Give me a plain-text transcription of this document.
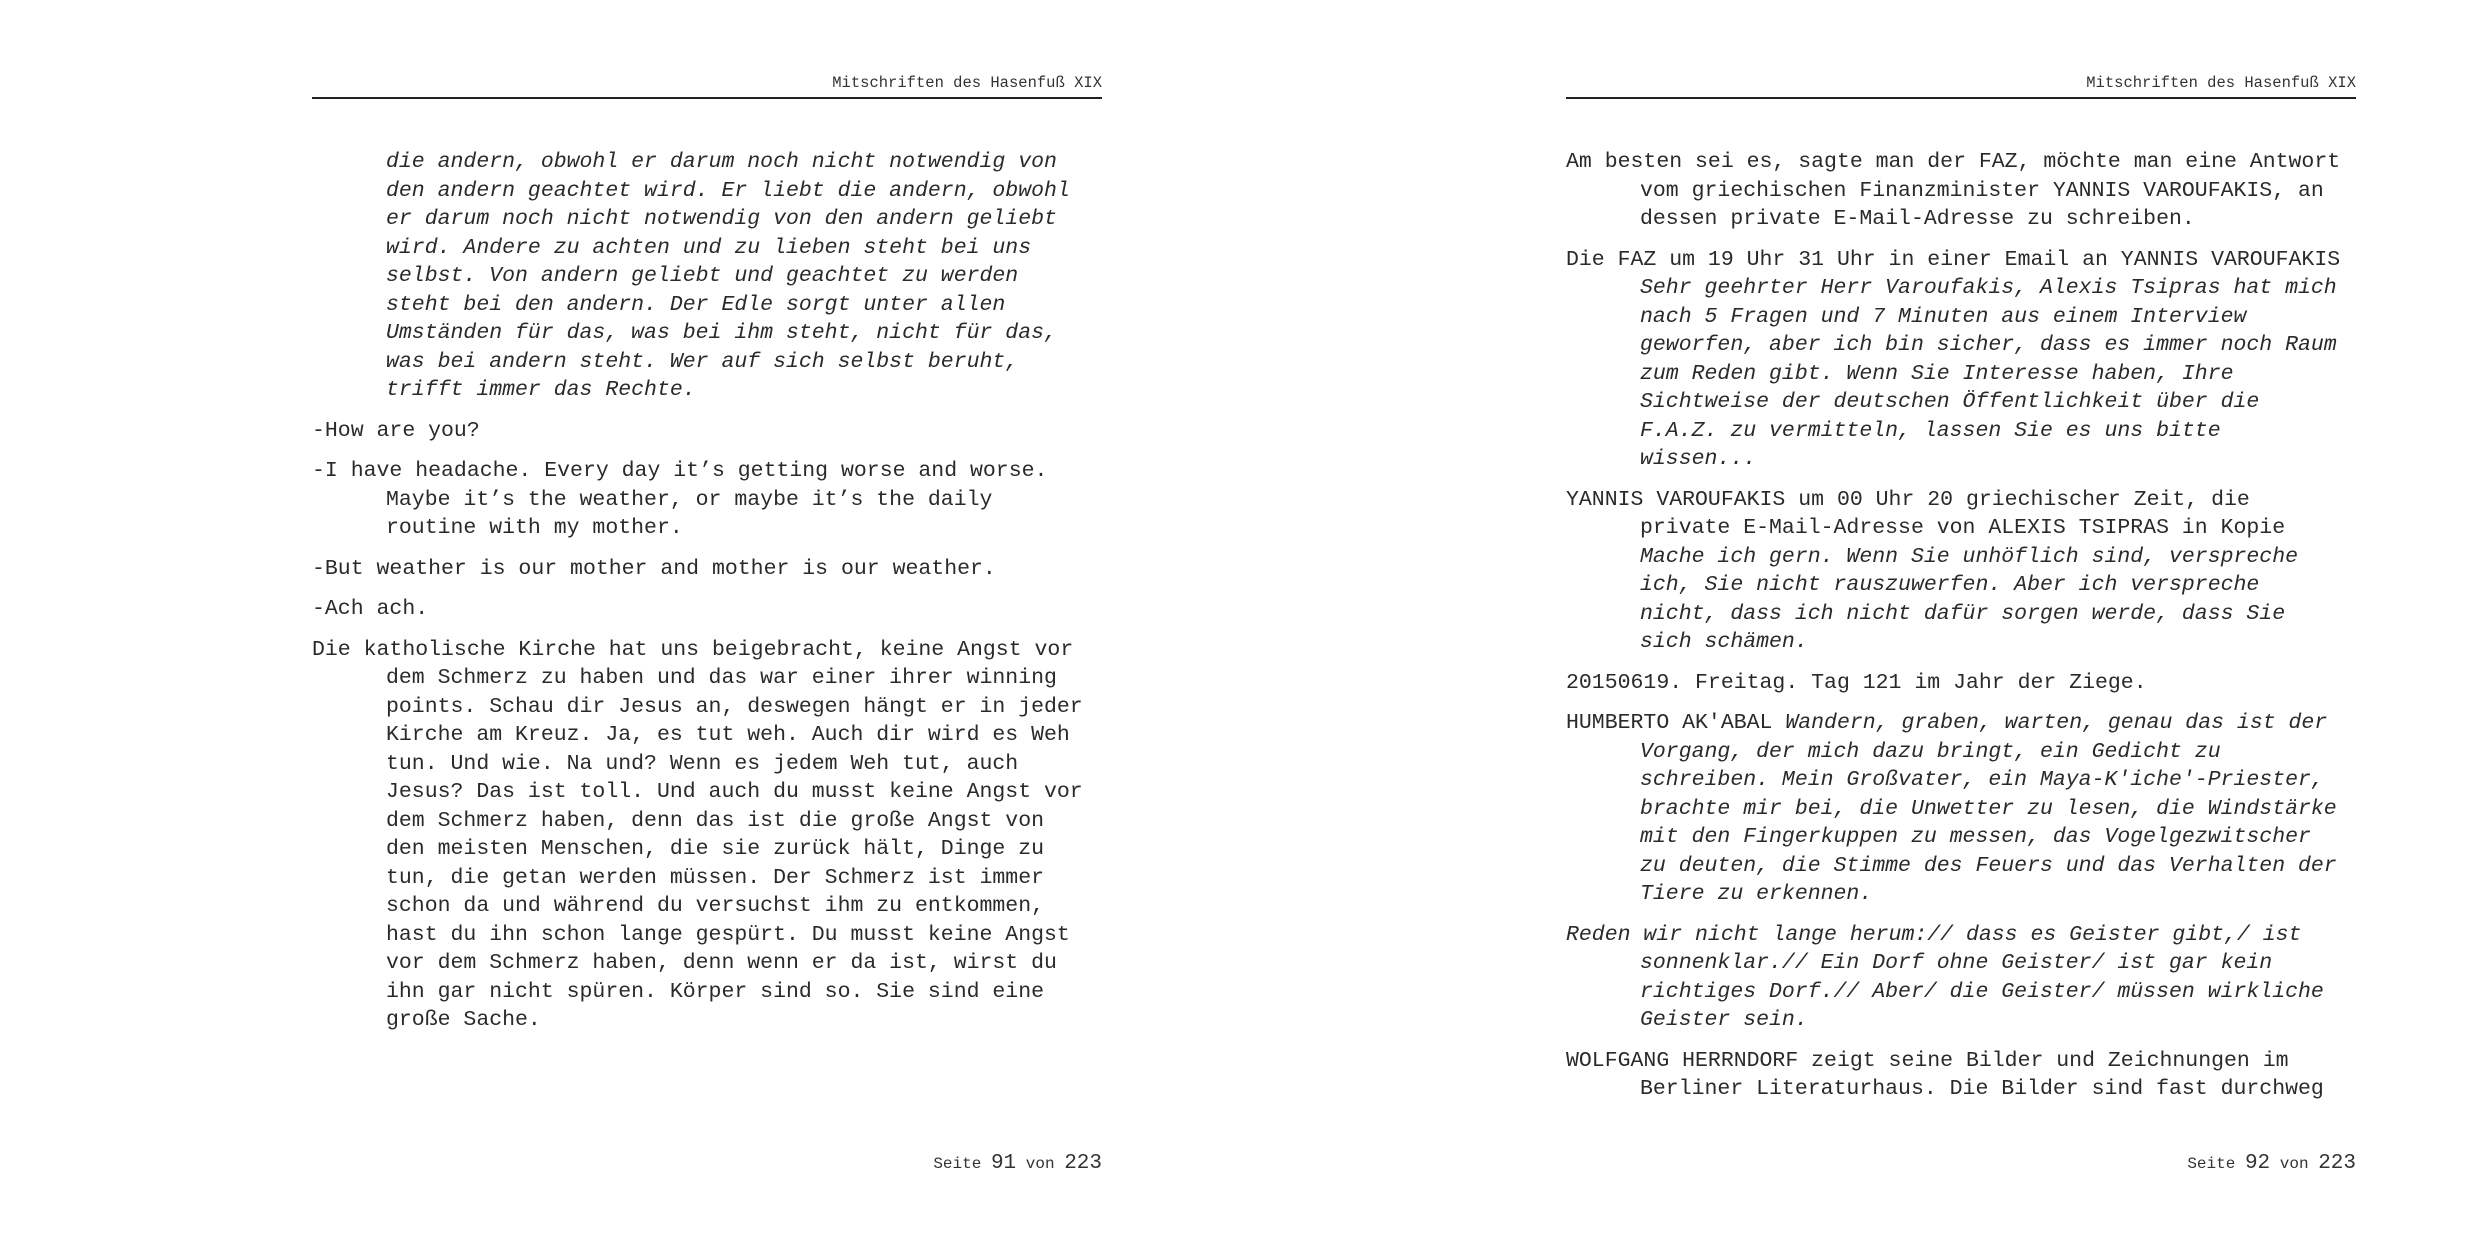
Mitschriften des Hasenfuß XIX
die andern, obwohl er darum noch nicht notwendig von
den andern geachtet wird. Er liebt die andern, obwohl
er darum noch nicht notwendig von den andern geliebt
wird. Andere zu achten und zu lieben steht bei uns
selbst. Von andern geliebt und geachtet zu werden
steht bei den andern. Der Edle sorgt unter allen
Umständen für das, was bei ihm steht, nicht für das,
was bei andern steht. Wer auf sich selbst beruht,
trifft immer das Rechte.
-How are you?
-I have headache. Every day it’s getting worse and worse.
Maybe it’s the weather, or maybe it’s the daily
routine with my mother.
-But weather is our mother and mother is our weather.
-Ach ach.
Die katholische Kirche hat uns beigebracht, keine Angst vor
dem Schmerz zu haben und das war einer ihrer winning
points. Schau dir Jesus an, deswegen hängt er in jeder
Kirche am Kreuz. Ja, es tut weh. Auch dir wird es Weh
tun. Und wie. Na und? Wenn es jedem Weh tut, auch
Jesus? Das ist toll. Und auch du musst keine Angst vor
dem Schmerz haben, denn das ist die große Angst von
den meisten Menschen, die sie zurück hält, Dinge zu
tun, die getan werden müssen. Der Schmerz ist immer
schon da und während du versuchst ihm zu entkommen,
hast du ihn schon lange gespürt. Du musst keine Angst
vor dem Schmerz haben, denn wenn er da ist, wirst du
ihn gar nicht spüren. Körper sind so. Sie sind eine
große Sache.
Seite 91 von 223
Mitschriften des Hasenfuß XIX
Am besten sei es, sagte man der FAZ, möchte man eine Antwort
vom griechischen Finanzminister YANNIS VAROUFAKIS, an
dessen private E-Mail-Adresse zu schreiben.
Die FAZ um 19 Uhr 31 Uhr in einer Email an YANNIS VAROUFAKIS
Sehr geehrter Herr Varoufakis, Alexis Tsipras hat mich
nach 5 Fragen und 7 Minuten aus einem Interview
geworfen, aber ich bin sicher, dass es immer noch Raum
zum Reden gibt. Wenn Sie Interesse haben, Ihre
Sichtweise der deutschen Öffentlichkeit über die
F.A.Z. zu vermitteln, lassen Sie es uns bitte
wissen...
YANNIS VAROUFAKIS um 00 Uhr 20 griechischer Zeit, die
private E-Mail-Adresse von ALEXIS TSIPRAS in Kopie
Mache ich gern. Wenn Sie unhöflich sind, verspreche
ich, Sie nicht rauszuwerfen. Aber ich verspreche
nicht, dass ich nicht dafür sorgen werde, dass Sie
sich schämen.
20150619. Freitag. Tag 121 im Jahr der Ziege.
HUMBERTO AK'ABAL Wandern, graben, warten, genau das ist der
Vorgang, der mich dazu bringt, ein Gedicht zu
schreiben. Mein Großvater, ein Maya-K'iche'-Priester,
brachte mir bei, die Unwetter zu lesen, die Windstärke
mit den Fingerkuppen zu messen, das Vogelgezwitscher
zu deuten, die Stimme des Feuers und das Verhalten der
Tiere zu erkennen.
Reden wir nicht lange herum:// dass es Geister gibt,/ ist
sonnenklar.// Ein Dorf ohne Geister/ ist gar kein
richtiges Dorf.// Aber/ die Geister/ müssen wirkliche
Geister sein.
WOLFGANG HERRNDORF zeigt seine Bilder und Zeichnungen im
Berliner Literaturhaus. Die Bilder sind fast durchweg
Seite 92 von 223
